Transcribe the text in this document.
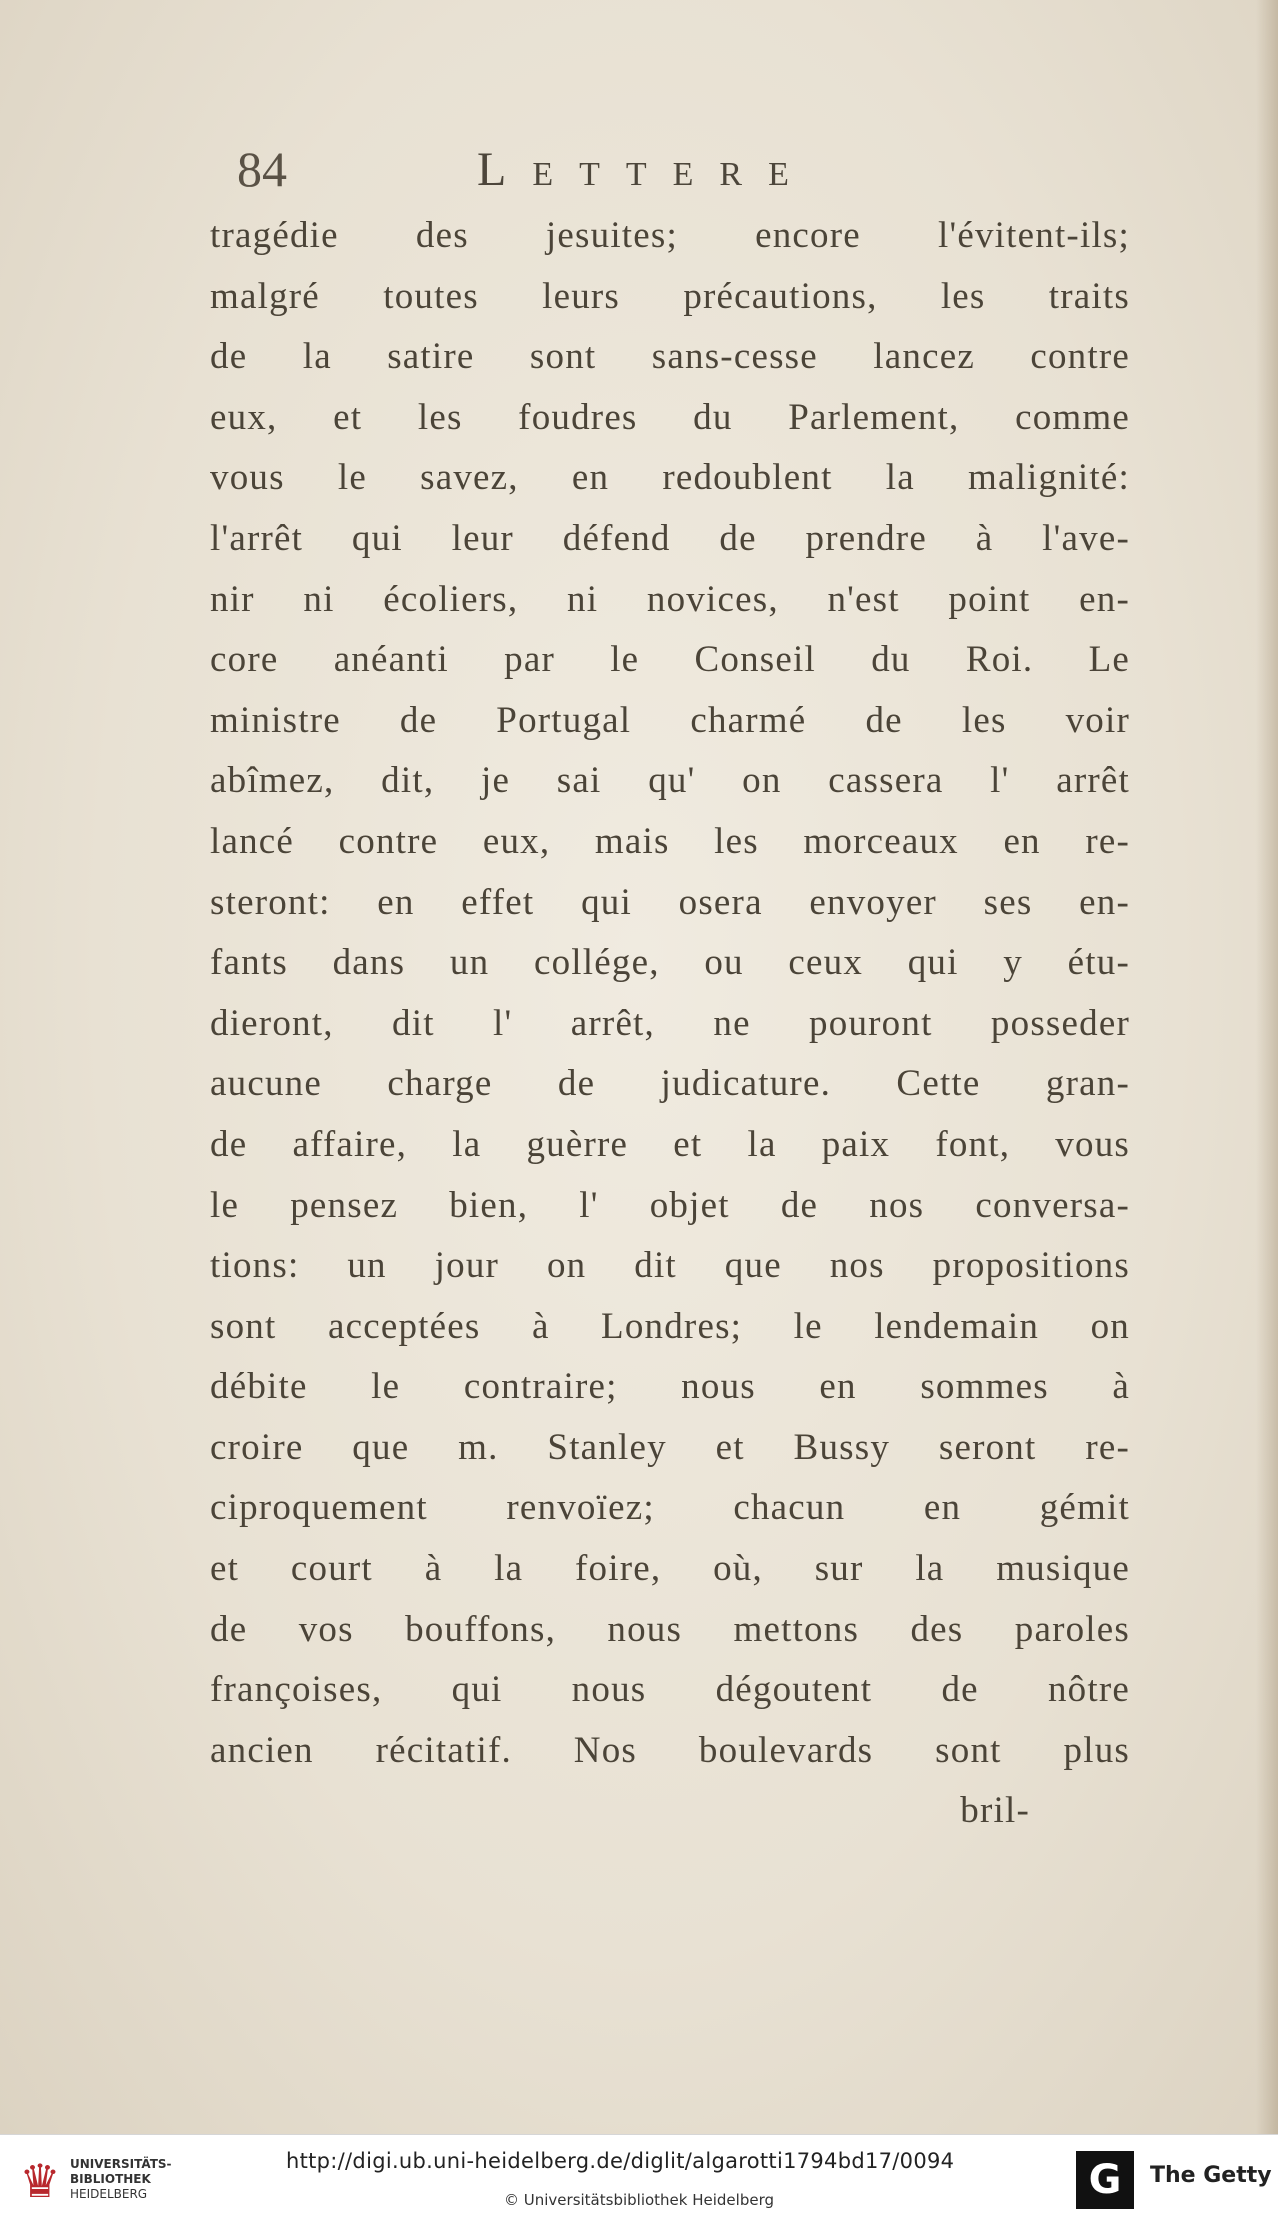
84	Lettere
tragédie des jesuites; encore l'évitent-ils;
malgré toutes leurs précautions, les traits
de la satire sont sans-cesse lancez contre
eux, et les foudres du Parlement, comme
vous le savez, en redoublent la malignité:
l'arrêt qui leur défend de prendre à l'ave-
nir ni écoliers, ni novices, n'est point en-
core anéanti par le Conseil du Roi. Le
ministre de Portugal charmé de les voir
abîmez, dit, je sai qu' on cassera l' arrêt
lancé contre eux, mais les morceaux en re-
steront: en effet qui osera envoyer ses en-
fants dans un collége, ou ceux qui y étu-
dieront, dit l' arrêt, ne pouront posseder
aucune charge de judicature. Cette gran-
de affaire, la guèrre et la paix font, vous
le pensez bien, l' objet de nos conversa-
tions: un jour on dit que nos propositions
sont acceptées à Londres; le lendemain on
débite le contraire; nous en sommes à
croire que m. Stanley et Bussy seront re-
ciproquement renvoïez; chacun en gémit
et court à la foire, où, sur la musique
de vos bouffons, nous mettons des paroles
françoises, qui nous dégoutent de nôtre
ancien récitatif. Nos boulevards sont plus
bril-
♛ UNIVERSITÄTS-
BIBLIOTHEK
HEIDELBERG
http://digi.ub.uni-heidelberg.de/diglit/algarotti1794bd17/0094
© Universitätsbibliothek Heidelberg	G	The Getty
